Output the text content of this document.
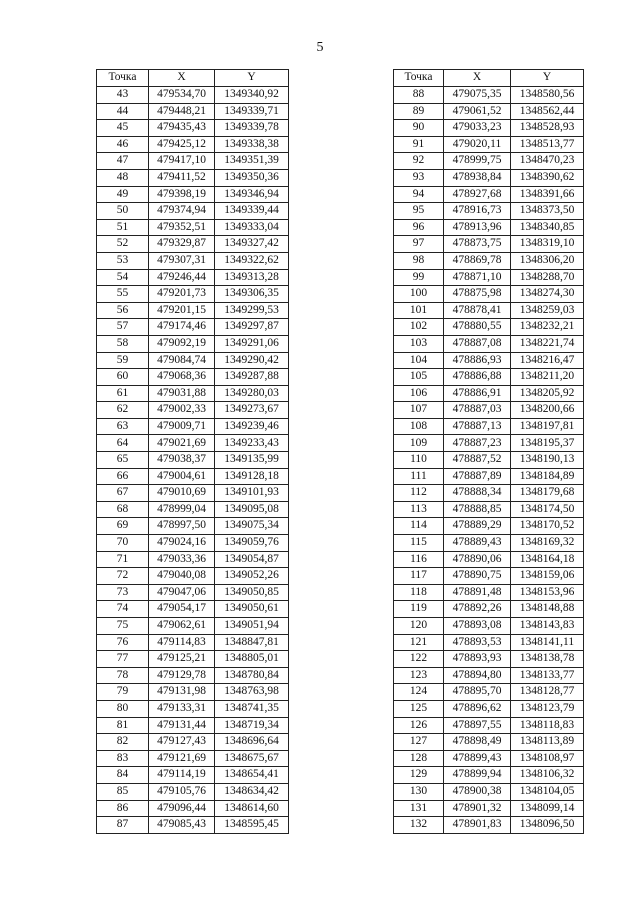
5
Точка	X	Y
43	479534,70	1349340,92
44	479448,21	1349339,71
45	479435,43	1349339,78
46	479425,12	1349338,38
47	479417,10	1349351,39
48	479411,52	1349350,36
49	479398,19	1349346,94
50	479374,94	1349339,44
51	479352,51	1349333,04
52	479329,87	1349327,42
53	479307,31	1349322,62
54	479246,44	1349313,28
55	479201,73	1349306,35
56	479201,15	1349299,53
57	479174,46	1349297,87
58	479092,19	1349291,06
59	479084,74	1349290,42
60	479068,36	1349287,88
61	479031,88	1349280,03
62	479002,33	1349273,67
63	479009,71	1349239,46
64	479021,69	1349233,43
65	479038,37	1349135,99
66	479004,61	1349128,18
67	479010,69	1349101,93
68	478999,04	1349095,08
69	478997,50	1349075,34
70	479024,16	1349059,76
71	479033,36	1349054,87
72	479040,08	1349052,26
73	479047,06	1349050,85
74	479054,17	1349050,61
75	479062,61	1349051,94
76	479114,83	1348847,81
77	479125,21	1348805,01
78	479129,78	1348780,84
79	479131,98	1348763,98
80	479133,31	1348741,35
81	479131,44	1348719,34
82	479127,43	1348696,64
83	479121,69	1348675,67
84	479114,19	1348654,41
85	479105,76	1348634,42
86	479096,44	1348614,60
87	479085,43	1348595,45
Точка	X	Y
88	479075,35	1348580,56
89	479061,52	1348562,44
90	479033,23	1348528,93
91	479020,11	1348513,77
92	478999,75	1348470,23
93	478938,84	1348390,62
94	478927,68	1348391,66
95	478916,73	1348373,50
96	478913,96	1348340,85
97	478873,75	1348319,10
98	478869,78	1348306,20
99	478871,10	1348288,70
100	478875,98	1348274,30
101	478878,41	1348259,03
102	478880,55	1348232,21
103	478887,08	1348221,74
104	478886,93	1348216,47
105	478886,88	1348211,20
106	478886,91	1348205,92
107	478887,03	1348200,66
108	478887,13	1348197,81
109	478887,23	1348195,37
110	478887,52	1348190,13
111	478887,89	1348184,89
112	478888,34	1348179,68
113	478888,85	1348174,50
114	478889,29	1348170,52
115	478889,43	1348169,32
116	478890,06	1348164,18
117	478890,75	1348159,06
118	478891,48	1348153,96
119	478892,26	1348148,88
120	478893,08	1348143,83
121	478893,53	1348141,11
122	478893,93	1348138,78
123	478894,80	1348133,77
124	478895,70	1348128,77
125	478896,62	1348123,79
126	478897,55	1348118,83
127	478898,49	1348113,89
128	478899,43	1348108,97
129	478899,94	1348106,32
130	478900,38	1348104,05
131	478901,32	1348099,14
132	478901,83	1348096,50
